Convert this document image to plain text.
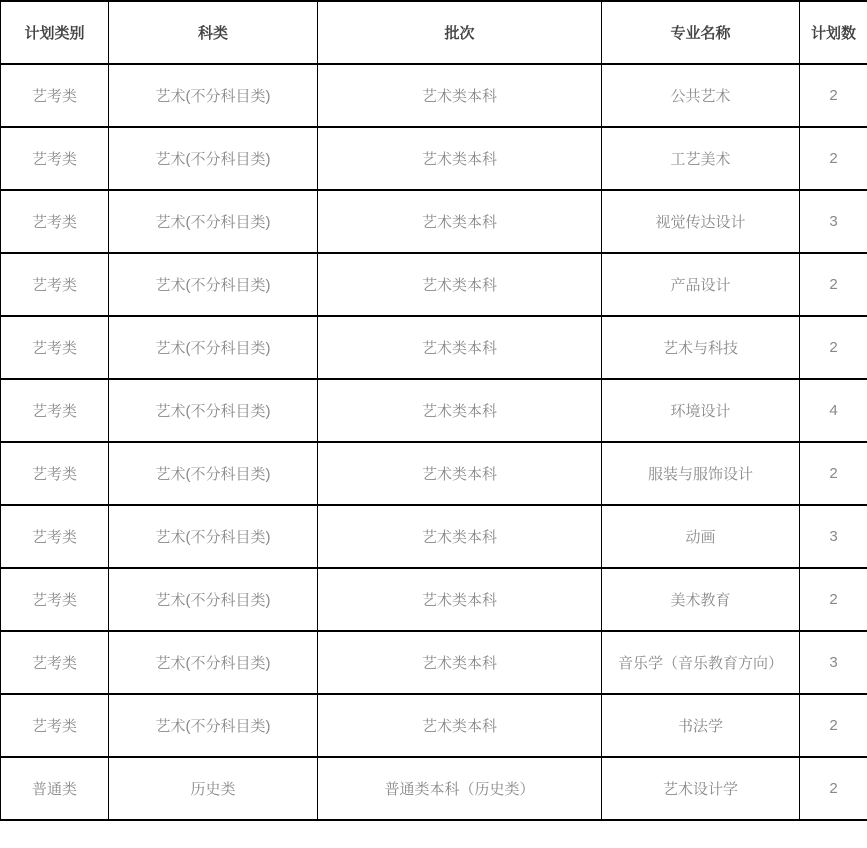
计划类别	科类	批次	专业名称	计划数
艺考类	艺术(不分科目类)	艺术类本科	公共艺术	2
艺考类	艺术(不分科目类)	艺术类本科	工艺美术	2
艺考类	艺术(不分科目类)	艺术类本科	视觉传达设计	3
艺考类	艺术(不分科目类)	艺术类本科	产品设计	2
艺考类	艺术(不分科目类)	艺术类本科	艺术与科技	2
艺考类	艺术(不分科目类)	艺术类本科	环境设计	4
艺考类	艺术(不分科目类)	艺术类本科	服装与服饰设计	2
艺考类	艺术(不分科目类)	艺术类本科	动画	3
艺考类	艺术(不分科目类)	艺术类本科	美术教育	2
艺考类	艺术(不分科目类)	艺术类本科	音乐学（音乐教育方向）	3
艺考类	艺术(不分科目类)	艺术类本科	书法学	2
普通类	历史类	普通类本科（历史类）	艺术设计学	2
